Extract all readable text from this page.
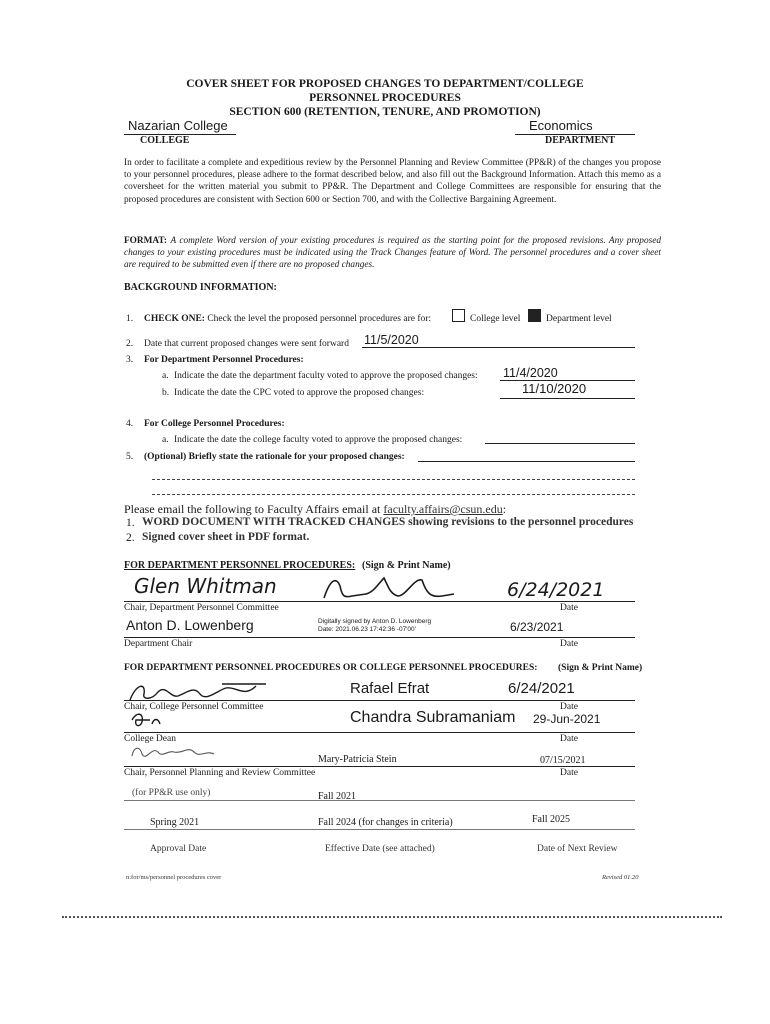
COVER SHEET FOR PROPOSED CHANGES TO DEPARTMENT/COLLEGE
PERSONNEL PROCEDURES
SECTION 600 (RETENTION, TENURE, AND PROMOTION)
Nazarian College
COLLEGE
Economics
DEPARTMENT
In order to facilitate a complete and expeditious review by the Personnel Planning and Review Committee (PP&R) of the changes you propose to your personnel procedures, please adhere to the format described below, and also fill out the Background Information. Attach this memo as a coversheet for the written material you submit to PP&R. The Department and College Committees are responsible for ensuring that the proposed procedures are consistent with Section 600 or Section 700, and with the Collective Bargaining Agreement.
FORMAT: A complete Word version of your existing procedures is required as the starting point for the proposed revisions. Any proposed changes to your existing procedures must be indicated using the Track Changes feature of Word. The personnel procedures and a cover sheet are required to be submitted even if there are no proposed changes.
BACKGROUND INFORMATION:
1. CHECK ONE: Check the level the proposed personnel procedures are for:	College level	Department level
2. Date that current proposed changes were sent forward 11/5/2020
3. For Department Personnel Procedures:
a. Indicate the date the department faculty voted to approve the proposed changes: 11/4/2020
b. Indicate the date the CPC voted to approve the proposed changes:	11/10/2020
4. For College Personnel Procedures:
a. Indicate the date the college faculty voted to approve the proposed changes:
5. (Optional) Briefly state the rationale for your proposed changes:
Please email the following to Faculty Affairs email at faculty.affairs@csun.edu:
1. WORD DOCUMENT WITH TRACKED CHANGES showing revisions to the personnel procedures
2. Signed cover sheet in PDF format.
FOR DEPARTMENT PERSONNEL PROCEDURES: (Sign & Print Name)
Glen Whitman	6/24/2021
Chair, Department Personnel Committee	Date
Anton D. Lowenberg	Digitally signed by Anton D. Lowenberg
Date: 2021.06.23 17:42:36 -07'00'	6/23/2021
Department Chair	Date
FOR DEPARTMENT PERSONNEL PROCEDURES OR COLLEGE PERSONNEL PROCEDURES: (Sign & Print Name)
Rafael Efrat	6/24/2021
Chair, College Personnel Committee	Date
Chandra Subramaniam 29-Jun-2021
College Dean	Date
Mary-Patricia Stein	07/15/2021
Chair, Personnel Planning and Review Committee	Date
(for PP&R use only)	Fall 2021
Spring 2021	Fall 2024 (for changes in criteria)	Fall 2025
Approval Date	Effective Date (see attached)	Date of Next Review
n:for/ms/personnel procedures cover	Revised 01.20
